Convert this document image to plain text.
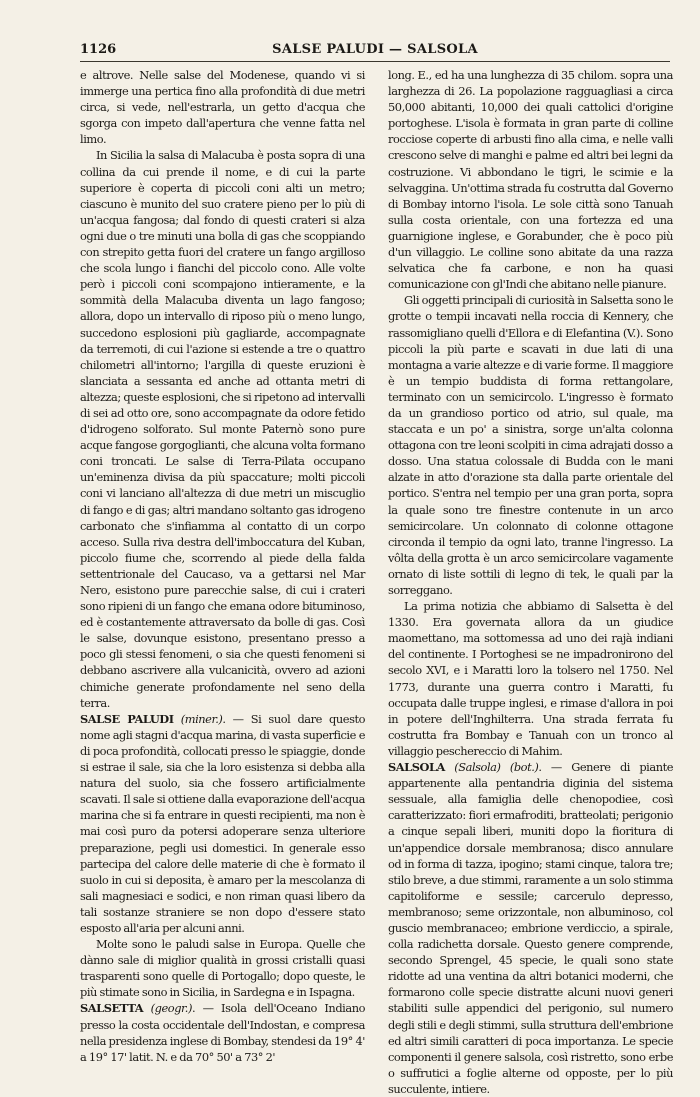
1126	SALSE PALUDI — SALSOLA

e altrove. Nelle salse del Modenese, quando vi si immerge una pertica fino alla profondità di due metri circa, si vede, nell'estrarla, un getto d'acqua che sgorga con impeto dall'apertura che venne fatta nel limo.

In Sicilia la salsa di Malacuba è posta sopra di una collina da cui prende il nome, e di cui la parte superiore è coperta di piccoli coni alti un metro; ciascuno è munito del suo cratere pieno per lo più di un'acqua fangosa; dal fondo di questi crateri si alza ogni due o tre minuti una bolla di gas che scoppiando con strepito getta fuori del cratere un fango argilloso che scola lungo i fianchi del piccolo cono. Alle volte però i piccoli coni scompajono intieramente, e la sommità della Malacuba diventa un lago fangoso; allora, dopo un intervallo di riposo più o meno lungo, succedono esplosioni più gagliarde, accompagnate da terremoti, di cui l'azione si estende a tre o quattro chilometri all'intorno; l'argilla di queste eruzioni è slanciata a sessanta ed anche ad ottanta metri di altezza; queste esplosioni, che si ripetono ad intervalli di sei ad otto ore, sono accompagnate da odore fetido d'idrogeno solforato. Sul monte Paternò sono pure acque fangose gorgoglianti, che alcuna volta formano coni troncati. Le salse di Terra-Pilata occupano un'eminenza divisa da più spaccature; molti piccoli coni vi lanciano all'altezza di due metri un miscuglio di fango e di gas; altri mandano soltanto gas idrogeno carbonato che s'infiamma al contatto di un corpo acceso. Sulla riva destra dell'imboccatura del Kuban, piccolo fiume che, scorrendo al piede della falda settentrionale del Caucaso, va a gettarsi nel Mar Nero, esistono pure parecchie salse, di cui i crateri sono ripieni di un fango che emana odore bituminoso, ed è costantemente attraversato da bolle di gas. Così le salse, dovunque esistono, presentano presso a poco gli stessi fenomeni, o sia che questi fenomeni si debbano ascrivere alla vulcanicità, ovvero ad azioni chimiche generate profondamente nel seno della terra.

SALSE PALUDI (miner.). — Si suol dare questo nome agli stagni d'acqua marina, di vasta superficie e di poca profondità, collocati presso le spiaggie, donde si estrae il sale, sia che la loro esistenza si debba alla natura del suolo, sia che fossero artificialmente scavati. Il sale si ottiene dalla evaporazione dell'acqua marina che si fa entrare in questi recipienti, ma non è mai così puro da potersi adoperare senza ulteriore preparazione, pegli usi domestici. In generale esso partecipa del calore delle materie di che è formato il suolo in cui si deposita, è amaro per la mescolanza di sali magnesiaci e sodici, e non riman quasi libero da tali sostanze straniere se non dopo d'essere stato esposto all'aria per alcuni anni.

Molte sono le paludi salse in Europa. Quelle che dànno sale di miglior qualità in grossi cristalli quasi trasparenti sono quelle di Portogallo; dopo queste, le più stimate sono in Sicilia, in Sardegna e in Ispagna.

SALSETTA (geogr.). — Isola dell'Oceano Indiano presso la costa occidentale dell'Indostan, e compresa nella presidenza inglese di Bombay, stendesi da 19° 4' a 19° 17' latit. N. e da 70° 50' a 73° 2'

long. E., ed ha una lunghezza di 35 chilom. sopra una larghezza di 26. La popolazione ragguagliasi a circa 50,000 abitanti, 10,000 dei quali cattolici d'origine portoghese. L'isola è formata in gran parte di colline rocciose coperte di arbusti fino alla cima, e nelle valli crescono selve di manghi e palme ed altri bei legni da costruzione. Vi abbondano le tigri, le scimie e la selvaggina. Un'ottima strada fu costrutta dal Governo di Bombay intorno l'isola. Le sole città sono Tanuah sulla costa orientale, con una fortezza ed una guarnigione inglese, e Gorabunder, che è poco più d'un villaggio. Le colline sono abitate da una razza selvatica che fa carbone, e non ha quasi comunicazione con gl'Indi che abitano nelle pianure.

Gli oggetti principali di curiosità in Salsetta sono le grotte o tempii incavati nella roccia di Kennery, che rassomigliano quelli d'Ellora e di Elefantina (V.). Sono piccoli la più parte e scavati in due lati di una montagna a varie altezze e di varie forme. Il maggiore è un tempio buddista di forma rettangolare, terminato con un semicircolo. L'ingresso è formato da un grandioso portico od atrio, sul quale, ma staccata e un po' a sinistra, sorge un'alta colonna ottagona con tre leoni scolpiti in cima adrajati dosso a dosso. Una statua colossale di Budda con le mani alzate in atto d'orazione sta dalla parte orientale del portico. S'entra nel tempio per una gran porta, sopra la quale sono tre finestre contenute in un arco semicircolare. Un colonnato di colonne ottagone circonda il tempio da ogni lato, tranne l'ingresso. La vôlta della grotta è un arco semicircolare vagamente ornato di liste sottili di legno di tek, le quali par la sorreggano.

La prima notizia che abbiamo di Salsetta è del 1330. Era governata allora da un giudice maomettano, ma sottomessa ad uno dei rajà indiani del continente. I Portoghesi se ne impadronirono del secolo XVI, e i Maratti loro la tolsero nel 1750. Nel 1773, durante una guerra contro i Maratti, fu occupata dalle truppe inglesi, e rimase d'allora in poi in potere dell'Inghilterra. Una strada ferrata fu costrutta fra Bombay e Tanuah con un tronco al villaggio peschereccio di Mahim.

SALSOLA (Salsola) (bot.). — Genere di piante appartenente alla pentandria diginia del sistema sessuale, alla famiglia delle chenopodiee, così caratterizzato: fiori ermafroditi, bratteolati; perigonio a cinque sepali liberi, muniti dopo la fioritura di un'appendice dorsale membranosa; disco annulare od in forma di tazza, ipogino; stami cinque, talora tre; stilo breve, a due stimmi, raramente a un solo stimma capitoliforme e sessile; carcerulo depresso, membranoso; seme orizzontale, non albuminoso, col guscio membranaceo; embrione verdiccio, a spirale, colla radichetta dorsale. Questo genere comprende, secondo Sprengel, 45 specie, le quali sono state ridotte ad una ventina da altri botanici moderni, che formarono colle specie distratte alcuni nuovi generi stabiliti sulle appendici del perigonio, sul numero degli stili e degli stimmi, sulla struttura dell'embrione ed altri simili caratteri di poca importanza. Le specie componenti il genere salsola, così ristretto, sono erbe o suffrutici a foglie alterne od opposte, per lo più succulente, intiere.
